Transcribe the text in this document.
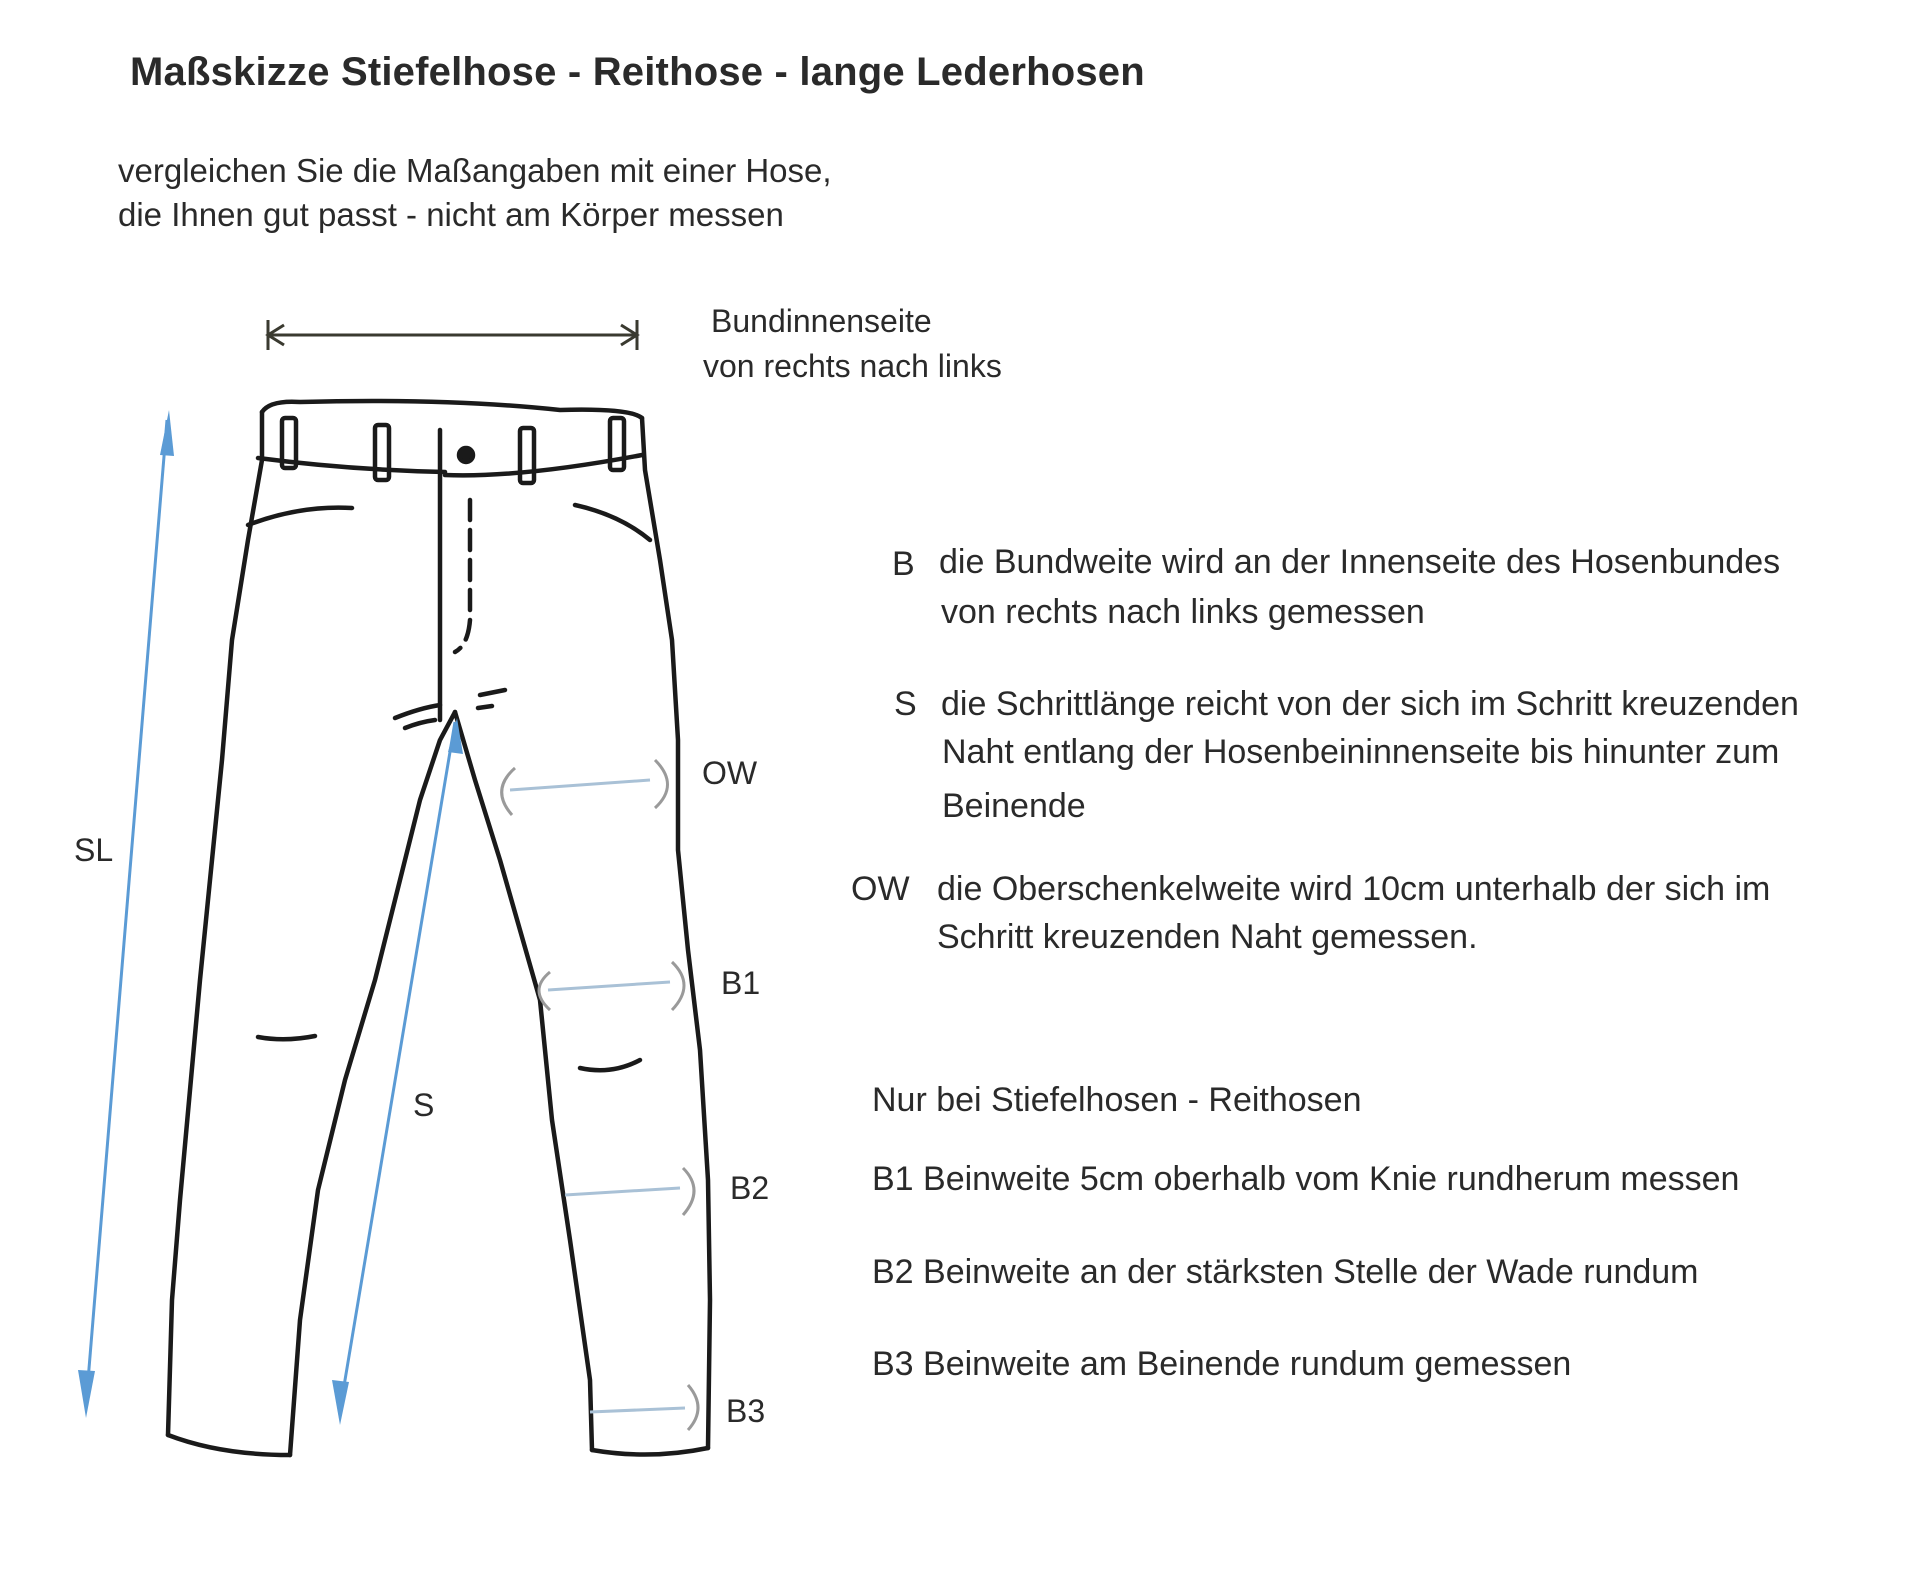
Maßskizze Stiefelhose - Reithose - lange Lederhosen
vergleichen Sie die Maßangaben mit einer Hose,
die Ihnen gut passt - nicht am Körper messen
Bundinnenseite
von rechts nach links
SL
S
OW
B1
B2
B3
B die Bundweite wird an der Innenseite des Hosenbundes
von rechts nach links gemessen
S die Schrittlänge reicht von der sich im Schritt kreuzenden
Naht entlang der Hosenbeininnenseite bis hinunter zum
Beinende
OW die Oberschenkelweite wird 10cm unterhalb der sich im
Schritt kreuzenden Naht gemessen.
Nur bei Stiefelhosen - Reithosen
B1 Beinweite 5cm oberhalb vom Knie rundherum messen
B2 Beinweite an der stärksten Stelle der Wade rundum
B3 Beinweite am Beinende rundum gemessen
